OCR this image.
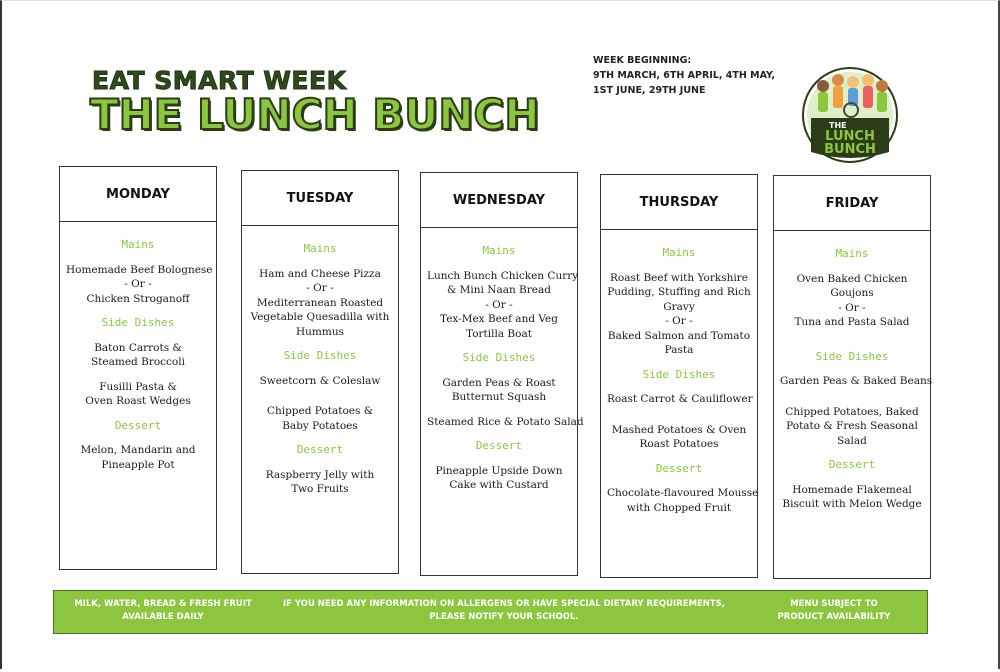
EAT SMART WEEK
THE LUNCH BUNCH
WEEK BEGINNING:
9TH MARCH, 6TH APRIL, 4TH MAY,
1ST JUNE, 29TH JUNE
THE
LUNCH
BUNCH
MONDAY
Mains
Homemade Beef Bolognese
- Or -
Chicken Stroganoff
Side Dishes
Baton Carrots &
Steamed Broccoli
Fusilli Pasta &
Oven Roast Wedges
Dessert
Melon, Mandarin and
Pineapple Pot
TUESDAY
Mains
Ham and Cheese Pizza
- Or -
Mediterranean Roasted
Vegetable Quesadilla with
Hummus
Side Dishes
Sweetcorn & Coleslaw
Chipped Potatoes &
Baby Potatoes
Dessert
Raspberry Jelly with
Two Fruits
WEDNESDAY
Mains
Lunch Bunch Chicken Curry
& Mini Naan Bread
- Or -
Tex-Mex Beef and Veg
Tortilla Boat
Side Dishes
Garden Peas & Roast
Butternut Squash
Steamed Rice & Potato Salad
Dessert
Pineapple Upside Down
Cake with Custard
THURSDAY
Mains
Roast Beef with Yorkshire
Pudding, Stuffing and Rich
Gravy
- Or -
Baked Salmon and Tomato
Pasta
Side Dishes
Roast Carrot & Cauliflower
Mashed Potatoes & Oven
Roast Potatoes
Dessert
Chocolate-flavoured Mousse
with Chopped Fruit
FRIDAY
Mains
Oven Baked Chicken
Goujons
- Or -
Tuna and Pasta Salad
Side Dishes
Garden Peas & Baked Beans
Chipped Potatoes, Baked
Potato & Fresh Seasonal
Salad
Dessert
Homemade Flakemeal
Biscuit with Melon Wedge
MILK, WATER, BREAD & FRESH FRUIT
AVAILABLE DAILY
IF YOU NEED ANY INFORMATION ON ALLERGENS OR HAVE SPECIAL DIETARY REQUIREMENTS,
PLEASE NOTIFY YOUR SCHOOL.
MENU SUBJECT TO
PRODUCT AVAILABILITY
